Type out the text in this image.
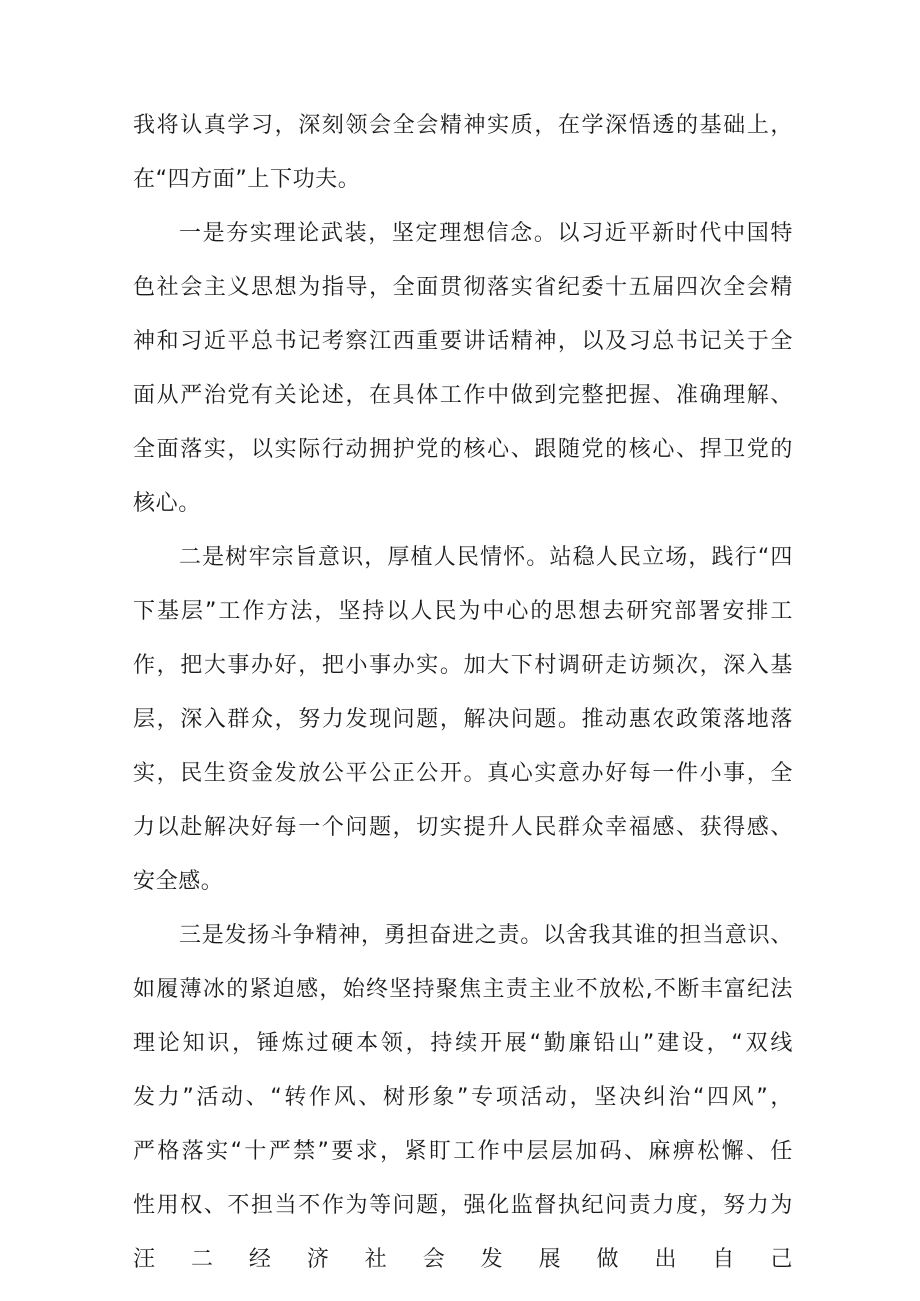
我将认真学习，深刻领会全会精神实质，在学深悟透的基础上，
在“四方面”上下功夫。
一是夯实理论武装，坚定理想信念。以习近平新时代中国特
色社会主义思想为指导，全面贯彻落实省纪委十五届四次全会精
神和习近平总书记考察江西重要讲话精神，以及习总书记关于全
面从严治党有关论述，在具体工作中做到完整把握、准确理解、
全面落实，以实际行动拥护党的核心、跟随党的核心、捍卫党的
核心。
二是树牢宗旨意识，厚植人民情怀。站稳人民立场，践行“四
下基层”工作方法，坚持以人民为中心的思想去研究部署安排工
作，把大事办好，把小事办实。加大下村调研走访频次，深入基
层，深入群众，努力发现问题，解决问题。推动惠农政策落地落
实，民生资金发放公平公正公开。真心实意办好每一件小事，全
力以赴解决好每一个问题，切实提升人民群众幸福感、获得感、
安全感。
三是发扬斗争精神，勇担奋进之责。以舍我其谁的担当意识、
如履薄冰的紧迫感，始终坚持聚焦主责主业不放松,不断丰富纪法
理论知识，锤炼过硬本领，持续开展“勤廉铅山”建设，“双线
发力”活动、“转作风、树形象”专项活动，坚决纠治“四风”，
严格落实“十严禁”要求，紧盯工作中层层加码、麻痹松懈、任
性用权、不担当不作为等问题，强化监督执纪问责力度，努力为
汪 二 经 济 社 会 发 展 做 出 自 己
